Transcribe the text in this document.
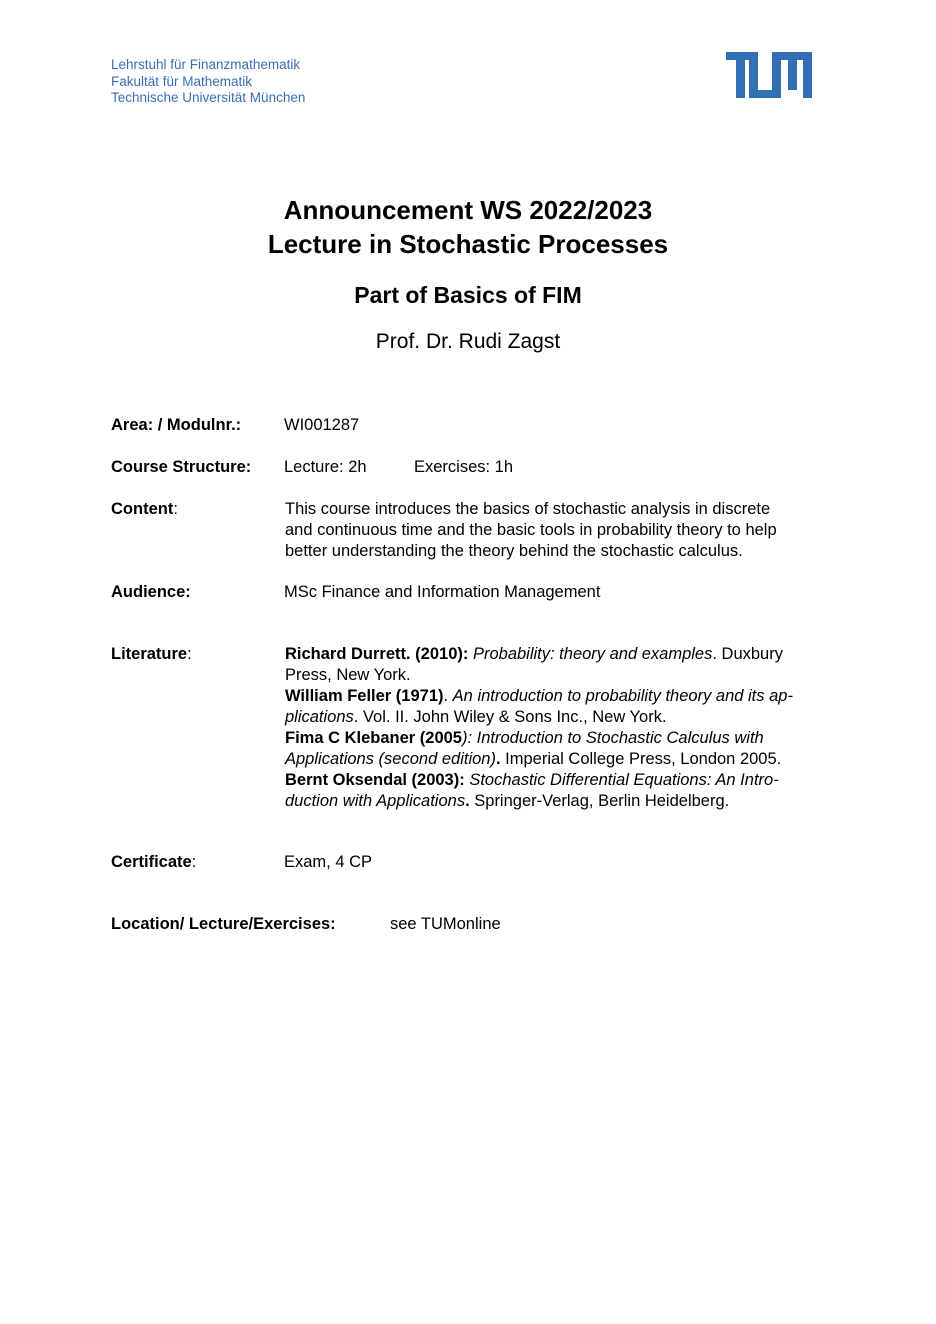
Lehrstuhl für Finanzmathematik
Fakultät für Mathematik
Technische Universität München
Announcement WS 2022/2023
Lecture in Stochastic Processes
Part of Basics of FIM
Prof. Dr. Rudi Zagst
Area: / Modulnr.:	WI001287
Course Structure: Lecture: 2h	Exercises: 1h
Content:	This course introduces the basics of stochastic analysis in discrete
and continuous time and the basic tools in probability theory to help
better understanding the theory behind the stochastic calculus.
Audience:	MSc Finance and Information Management
Literature:	Richard Durrett. (2010): Probability: theory and examples. Duxbury
Press, New York.
William Feller (1971). An introduction to probability theory and its ap-
plications. Vol. II. John Wiley & Sons Inc., New York.
Fima C Klebaner (2005): Introduction to Stochastic Calculus with
Applications (second edition). Imperial College Press, London 2005.
Bernt Oksendal (2003): Stochastic Differential Equations: An Intro-
duction with Applications. Springer-Verlag, Berlin Heidelberg.
Certificate:	Exam, 4 CP
Location/ Lecture/Exercises:	see TUMonline
